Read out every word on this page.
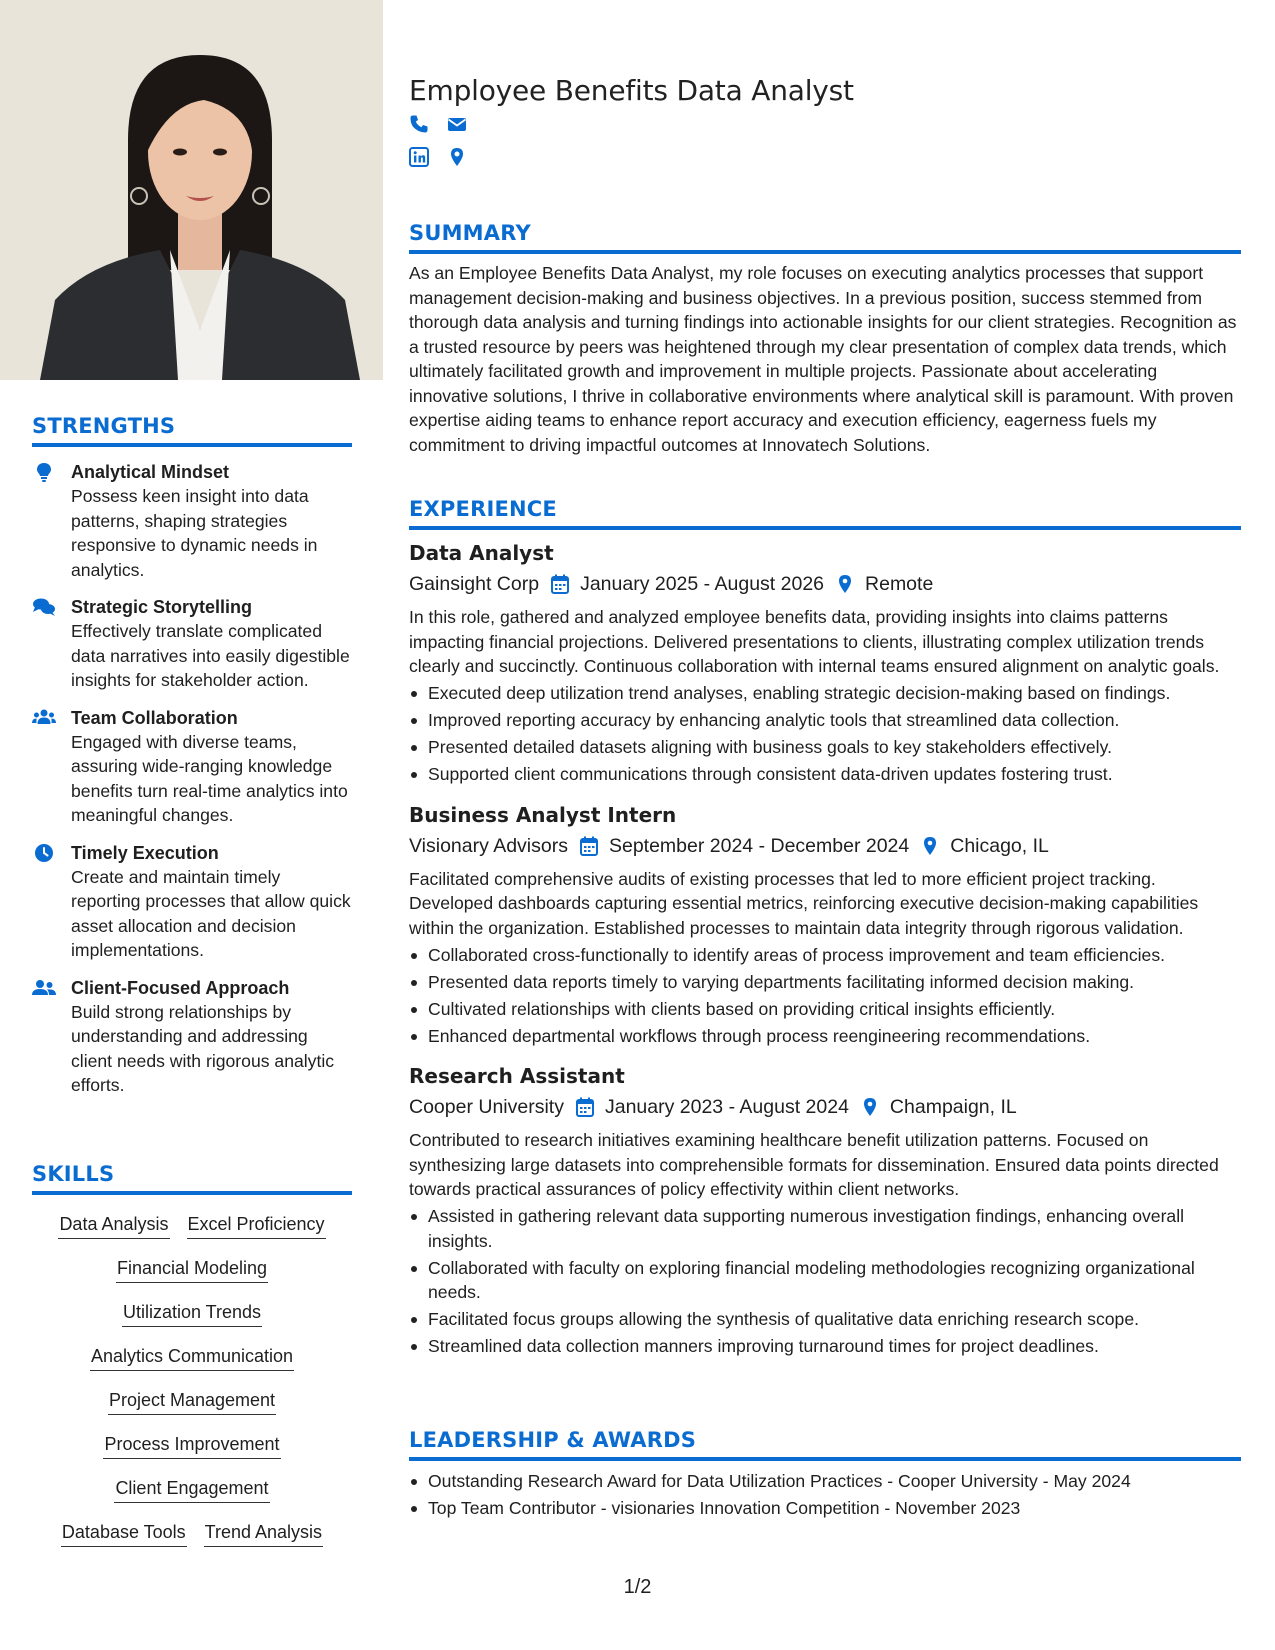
STRENGTHS
Analytical Mindset
Possess keen insight into data patterns, shaping strategies responsive to dynamic needs in analytics.
Strategic Storytelling
Effectively translate complicated data narratives into easily digestible insights for stakeholder action.
Team Collaboration
Engaged with diverse teams, assuring wide-ranging knowledge benefits turn real-time analytics into meaningful changes.
Timely Execution
Create and maintain timely reporting processes that allow quick asset allocation and decision implementations.
Client-Focused Approach
Build strong relationships by understanding and addressing client needs with rigorous analytic efforts.
SKILLS
Data Analysis Excel Proficiency
Financial Modeling
Utilization Trends
Analytics Communication
Project Management
Process Improvement
Client Engagement
Database Tools Trend Analysis
Employee Benefits Data Analyst
SUMMARY

As an Employee Benefits Data Analyst, my role focuses on executing analytics processes that support management decision-making and business objectives. In a previous position, success stemmed from thorough data analysis and turning findings into actionable insights for our client strategies. Recognition as a trusted resource by peers was heightened through my clear presentation of complex data trends, which ultimately facilitated growth and improvement in multiple projects. Passionate about accelerating innovative solutions, I thrive in collaborative environments where analytical skill is paramount. With proven expertise aiding teams to enhance report accuracy and execution efficiency, eagerness fuels my commitment to driving impactful outcomes at Innovatech Solutions.

EXPERIENCE
Data Analyst
Gainsight Corp January 2025 - August 2026 Remote

In this role, gathered and analyzed employee benefits data, providing insights into claims patterns impacting financial projections. Delivered presentations to clients, illustrating complex utilization trends clearly and succinctly. Continuous collaboration with internal teams ensured alignment on analytic goals.

Executed deep utilization trend analyses, enabling strategic decision-making based on findings.
Improved reporting accuracy by enhancing analytic tools that streamlined data collection.
Presented detailed datasets aligning with business goals to key stakeholders effectively.
Supported client communications through consistent data-driven updates fostering trust.
Business Analyst Intern
Visionary Advisors September 2024 - December 2024 Chicago, IL

Facilitated comprehensive audits of existing processes that led to more efficient project tracking. Developed dashboards capturing essential metrics, reinforcing executive decision-making capabilities within the organization. Established processes to maintain data integrity through rigorous validation.

Collaborated cross-functionally to identify areas of process improvement and team efficiencies.
Presented data reports timely to varying departments facilitating informed decision making.
Cultivated relationships with clients based on providing critical insights efficiently.
Enhanced departmental workflows through process reengineering recommendations.
Research Assistant
Cooper University January 2023 - August 2024 Champaign, IL

Contributed to research initiatives examining healthcare benefit utilization patterns. Focused on synthesizing large datasets into comprehensible formats for dissemination. Ensured data points directed towards practical assurances of policy effectivity within client networks.

Assisted in gathering relevant data supporting numerous investigation findings, enhancing overall insights.
Collaborated with faculty on exploring financial modeling methodologies recognizing organizational needs.
Facilitated focus groups allowing the synthesis of qualitative data enriching research scope.
Streamlined data collection manners improving turnaround times for project deadlines.
LEADERSHIP & AWARDS
Outstanding Research Award for Data Utilization Practices - Cooper University - May 2024
Top Team Contributor - visionaries Innovation Competition - November 2023
1/2
